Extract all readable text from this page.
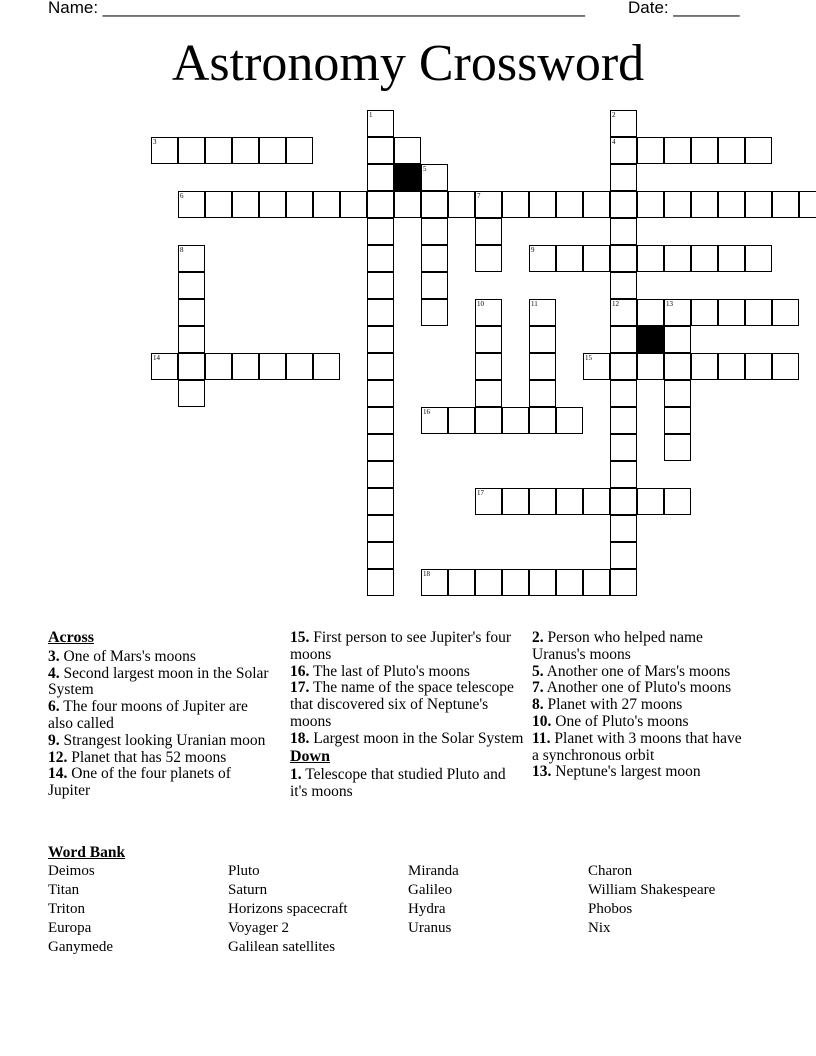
Name: ___________________________________________________	Date: _______
Astronomy Crossword
1	2
3	4
5
6	7
8	9
10	11	12	13
14	15
16
17
18
Across
3. One of Mars's moons
4. Second largest moon in the Solar System
6. The four moons of Jupiter are also called
9. Strangest looking Uranian moon
12. Planet that has 52 moons
14. One of the four planets of Jupiter
15. First person to see Jupiter's four moons
16. The last of Pluto's moons
17. The name of the space telescope that discovered six of Neptune's moons
18. Largest moon in the Solar System
Down
1. Telescope that studied Pluto and it's moons
2. Person who helped name Uranus's moons
5. Another one of Mars's moons
7. Another one of Pluto's moons
8. Planet with 27 moons
10. One of Pluto's moons
11. Planet with 3 moons that have a synchronous orbit
13. Neptune's largest moon
Word Bank
Deimos
Titan
Triton
Europa
Ganymede
Pluto
Saturn
Horizons spacecraft
Voyager 2
Galilean satellites
Miranda
Galileo
Hydra
Uranus
Charon
William Shakespeare
Phobos
Nix
